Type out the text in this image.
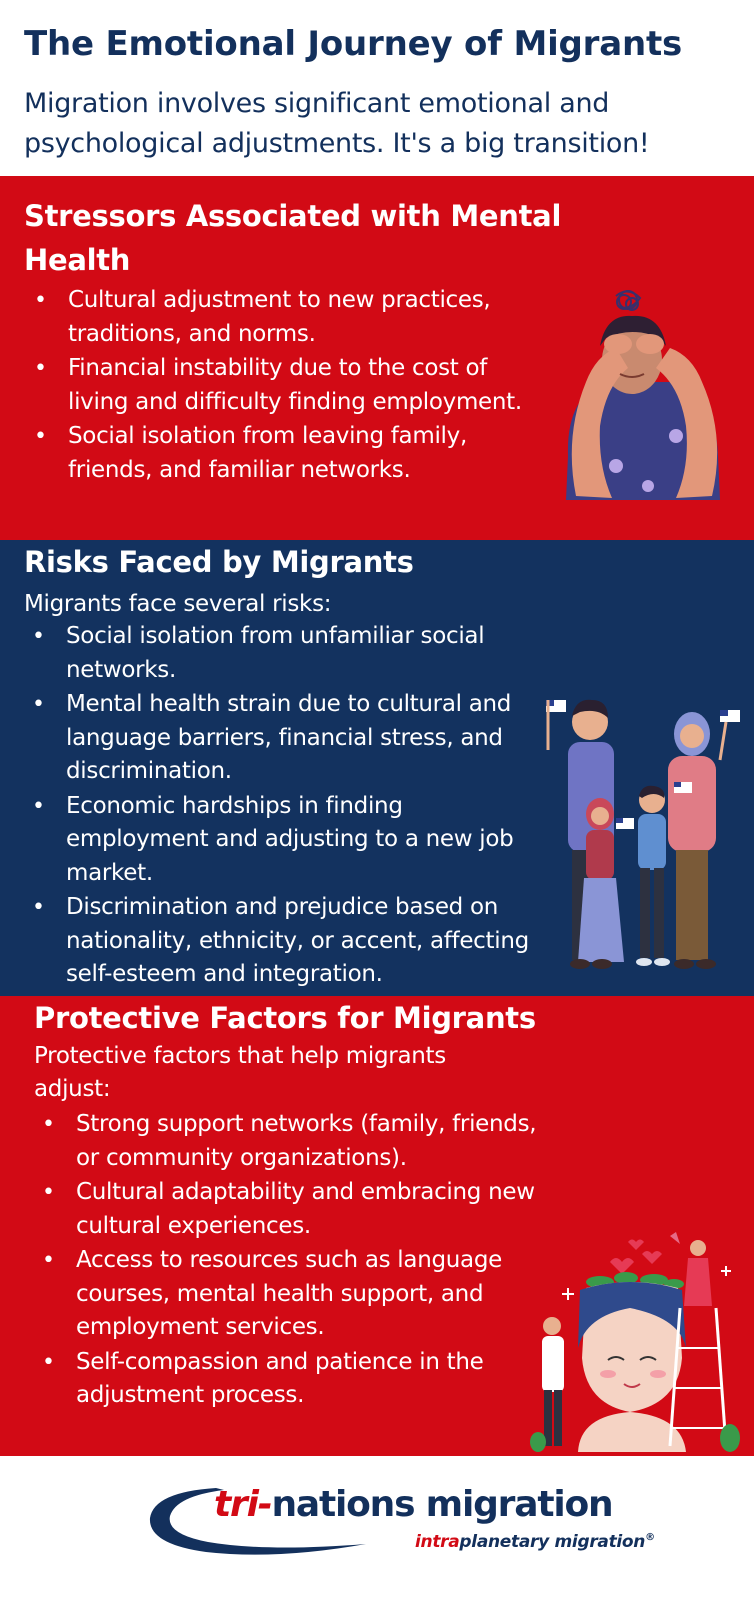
The Emotional Journey of Migrants

Migration involves significant emotional and psychological adjustments. It's a big transition!

Stressors Associated with Mental Health
• Cultural adjustment to new practices, traditions, and norms.
• Financial instability due to the cost of living and difficulty finding employment.
• Social isolation from leaving family, friends, and familiar networks.
Risks Faced by Migrants

Migrants face several risks:

• Social isolation from unfamiliar social networks.
• Mental health strain due to cultural and language barriers, financial stress, and discrimination.
• Economic hardships in finding employment and adjusting to a new job market.
• Discrimination and prejudice based on nationality, ethnicity, or accent, affecting self-esteem and integration.
Protective Factors for Migrants

Protective factors that help migrants adjust:

• Strong support networks (family, friends, or community organizations).
• Cultural adaptability and embracing new cultural experiences.
• Access to resources such as language courses, mental health support, and employment services.
• Self-compassion and patience in the adjustment process.
tri-nations migration
intraplanetary migration®
